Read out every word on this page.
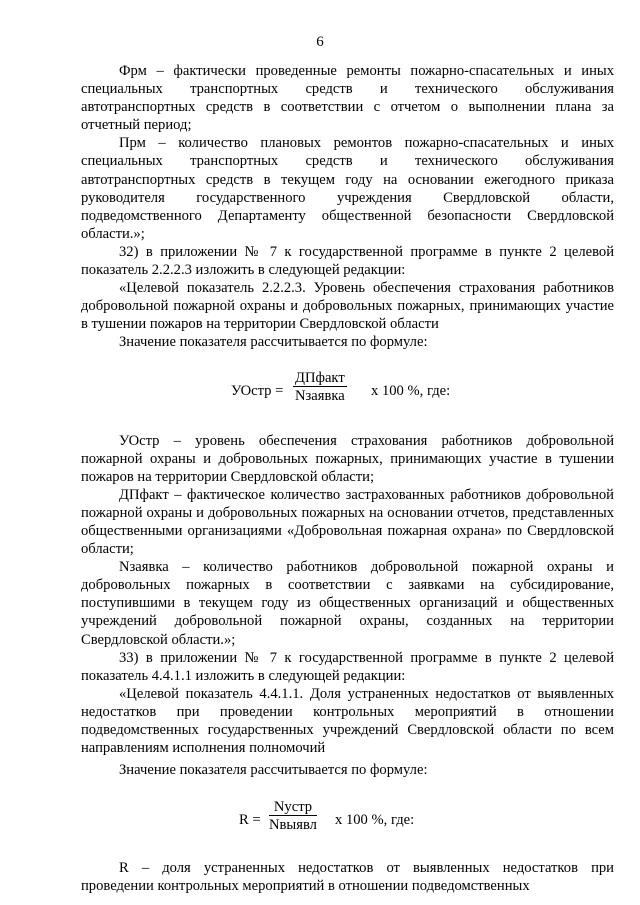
6

Фрм – фактически проведенные ремонты пожарно-спасательных и иных специальных транспортных средств и технического обслуживания автотранспортных средств в соответствии с отчетом о выполнении плана за отчетный период;

Прм – количество плановых ремонтов пожарно-спасательных и иных специальных транспортных средств и технического обслуживания автотранспортных средств в текущем году на основании ежегодного приказа руководителя государственного учреждения Свердловской области, подведомственного Департаменту общественной безопасности Свердловской области.»;

32) в приложении № 7 к государственной программе в пункте 2 целевой показатель 2.2.2.3 изложить в следующей редакции:

«Целевой показатель 2.2.2.3. Уровень обеспечения страхования работников добровольной пожарной охраны и добровольных пожарных, принимающих участие в тушении пожаров на территории Свердловской области

Значение показателя рассчитывается по формуле:

УОстр =
ДПфакт
Nзаявка х 100 %, где:

УОстр – уровень обеспечения страхования работников добровольной пожарной охраны и добровольных пожарных, принимающих участие в тушении пожаров на территории Свердловской области;

ДПфакт – фактическое количество застрахованных работников добровольной пожарной охраны и добровольных пожарных на основании отчетов, представленных общественными организациями «Добровольная пожарная охрана» по Свердловской области;

Nзаявка – количество работников добровольной пожарной охраны и добровольных пожарных в соответствии с заявками на субсидирование, поступившими в текущем году из общественных организаций и общественных учреждений добровольной пожарной охраны, созданных на территории Свердловской области.»;

33) в приложении № 7 к государственной программе в пункте 2 целевой показатель 4.4.1.1 изложить в следующей редакции:

«Целевой показатель 4.4.1.1. Доля устраненных недостатков от выявленных недостатков при проведении контрольных мероприятий в отношении подведомственных государственных учреждений Свердловской области по всем направлениям исполнения полномочий

Значение показателя рассчитывается по формуле:

R =
Nустр
Nвыявл х 100 %, где:

R – доля устраненных недостатков от выявленных недостатков при проведении контрольных мероприятий в отношении подведомственных
